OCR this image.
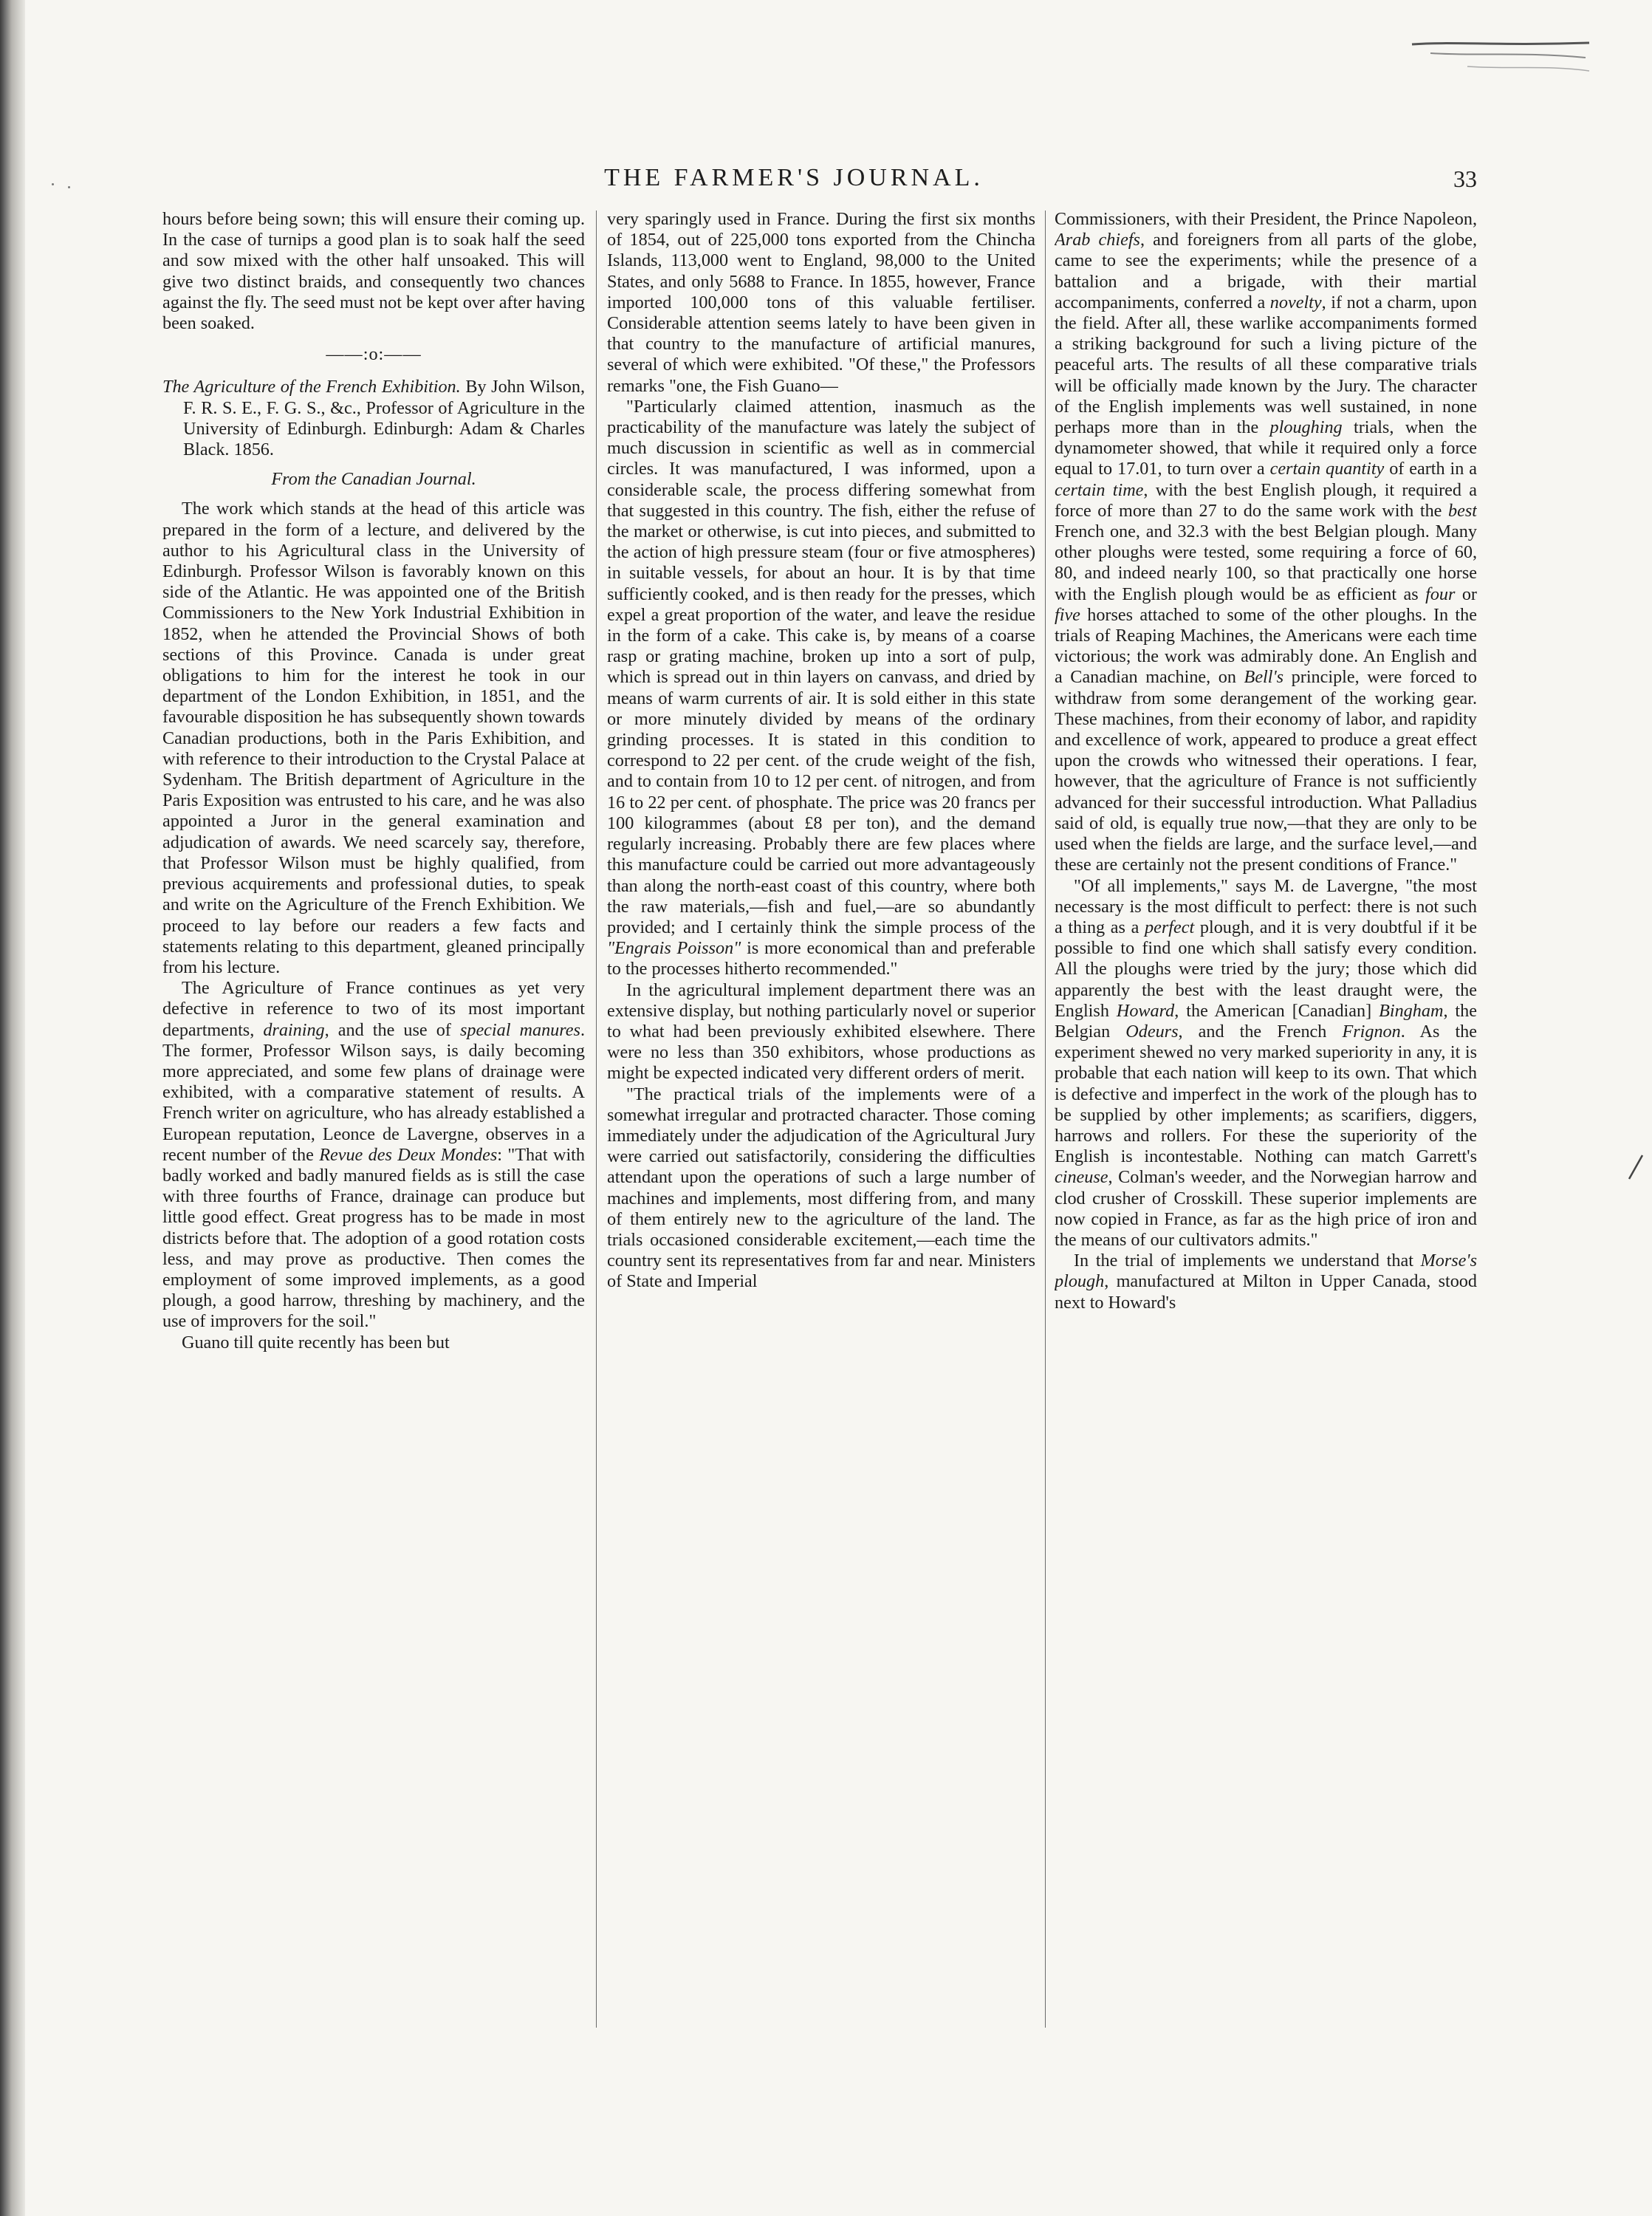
THE FARMER'S JOURNAL.	33

hours before being sown; this will ensure their coming up. In the case of turnips a good plan is to soak half the seed and sow mixed with the other half unsoaked. This will give two distinct braids, and consequently two chances against the fly. The seed must not be kept over after having been soaked.

——:o:——

The Agriculture of the French Exhibition. By John Wilson, F. R. S. E., F. G. S., &c., Professor of Agriculture in the University of Edinburgh. Edinburgh: Adam & Charles Black. 1856.

From the Canadian Journal.

The work which stands at the head of this article was prepared in the form of a lecture, and delivered by the author to his Agricultural class in the University of Edinburgh. Professor Wilson is favorably known on this side of the Atlantic. He was appointed one of the British Commissioners to the New York Industrial Exhibition in 1852, when he attended the Provincial Shows of both sections of this Province. Canada is under great obligations to him for the interest he took in our department of the London Exhibition, in 1851, and the favourable disposition he has subsequently shown towards Canadian productions, both in the Paris Exhibition, and with reference to their introduction to the Crystal Palace at Sydenham. The British department of Agriculture in the Paris Exposition was entrusted to his care, and he was also appointed a Juror in the general examination and adjudication of awards. We need scarcely say, therefore, that Professor Wilson must be highly qualified, from previous acquirements and professional duties, to speak and write on the Agriculture of the French Exhibition. We proceed to lay before our readers a few facts and statements relating to this department, gleaned principally from his lecture.

The Agriculture of France continues as yet very defective in reference to two of its most important departments, draining, and the use of special manures. The former, Professor Wilson says, is daily becoming more appreciated, and some few plans of drainage were exhibited, with a comparative statement of results. A French writer on agriculture, who has already established a European reputation, Leonce de Lavergne, observes in a recent number of the Revue des Deux Mondes: "That with badly worked and badly manured fields as is still the case with three fourths of France, drainage can produce but little good effect. Great progress has to be made in most districts before that. The adoption of a good rotation costs less, and may prove as productive. Then comes the employment of some improved implements, as a good plough, a good harrow, threshing by machinery, and the use of improvers for the soil."

Guano till quite recently has been but

very sparingly used in France. During the first six months of 1854, out of 225,000 tons exported from the Chincha Islands, 113,000 went to England, 98,000 to the United States, and only 5688 to France. In 1855, however, France imported 100,000 tons of this valuable fertiliser. Considerable attention seems lately to have been given in that country to the manufacture of artificial manures, several of which were exhibited. "Of these," the Professors remarks "one, the Fish Guano—

"Particularly claimed attention, inasmuch as the practicability of the manufacture was lately the subject of much discussion in scientific as well as in commercial circles. It was manufactured, I was informed, upon a considerable scale, the process differing somewhat from that suggested in this country. The fish, either the refuse of the market or otherwise, is cut into pieces, and submitted to the action of high pressure steam (four or five atmospheres) in suitable vessels, for about an hour. It is by that time sufficiently cooked, and is then ready for the presses, which expel a great proportion of the water, and leave the residue in the form of a cake. This cake is, by means of a coarse rasp or grating machine, broken up into a sort of pulp, which is spread out in thin layers on canvass, and dried by means of warm currents of air. It is sold either in this state or more minutely divided by means of the ordinary grinding processes. It is stated in this condition to correspond to 22 per cent. of the crude weight of the fish, and to contain from 10 to 12 per cent. of nitrogen, and from 16 to 22 per cent. of phosphate. The price was 20 francs per 100 kilogrammes (about £8 per ton), and the demand regularly increasing. Probably there are few places where this manufacture could be carried out more advantageously than along the north-east coast of this country, where both the raw materials,—fish and fuel,—are so abundantly provided; and I certainly think the simple process of the "Engrais Poisson" is more economical than and preferable to the processes hitherto recommended."

In the agricultural implement department there was an extensive display, but nothing particularly novel or superior to what had been previously exhibited elsewhere. There were no less than 350 exhibitors, whose productions as might be expected indicated very different orders of merit.

"The practical trials of the implements were of a somewhat irregular and protracted character. Those coming immediately under the adjudication of the Agricultural Jury were carried out satisfactorily, considering the difficulties attendant upon the operations of such a large number of machines and implements, most differing from, and many of them entirely new to the agriculture of the land. The trials occasioned considerable excitement,—each time the country sent its representatives from far and near. Ministers of State and Imperial

Commissioners, with their President, the Prince Napoleon, Arab chiefs, and foreigners from all parts of the globe, came to see the experiments; while the presence of a battalion and a brigade, with their martial accompaniments, conferred a novelty, if not a charm, upon the field. After all, these warlike accompaniments formed a striking background for such a living picture of the peaceful arts. The results of all these comparative trials will be officially made known by the Jury. The character of the English implements was well sustained, in none perhaps more than in the ploughing trials, when the dynamometer showed, that while it required only a force equal to 17.01, to turn over a certain quantity of earth in a certain time, with the best English plough, it required a force of more than 27 to do the same work with the best French one, and 32.3 with the best Belgian plough. Many other ploughs were tested, some requiring a force of 60, 80, and indeed nearly 100, so that practically one horse with the English plough would be as efficient as four or five horses attached to some of the other ploughs. In the trials of Reaping Machines, the Americans were each time victorious; the work was admirably done. An English and a Canadian machine, on Bell's principle, were forced to withdraw from some derangement of the working gear. These machines, from their economy of labor, and rapidity and excellence of work, appeared to produce a great effect upon the crowds who witnessed their operations. I fear, however, that the agriculture of France is not sufficiently advanced for their successful introduction. What Palladius said of old, is equally true now,—that they are only to be used when the fields are large, and the surface level,—and these are certainly not the present conditions of France."

"Of all implements," says M. de Lavergne, "the most necessary is the most difficult to perfect: there is not such a thing as a perfect plough, and it is very doubtful if it be possible to find one which shall satisfy every condition. All the ploughs were tried by the jury; those which did apparently the best with the least draught were, the English Howard, the American [Canadian] Bingham, the Belgian Odeurs, and the French Frignon. As the experiment shewed no very marked superiority in any, it is probable that each nation will keep to its own. That which is defective and imperfect in the work of the plough has to be supplied by other implements; as scarifiers, diggers, harrows and rollers. For these the superiority of the English is incontestable. Nothing can match Garrett's cineuse, Colman's weeder, and the Norwegian harrow and clod crusher of Crosskill. These superior implements are now copied in France, as far as the high price of iron and the means of our cultivators admits."

In the trial of implements we understand that Morse's plough, manufactured at Milton in Upper Canada, stood next to Howard's
